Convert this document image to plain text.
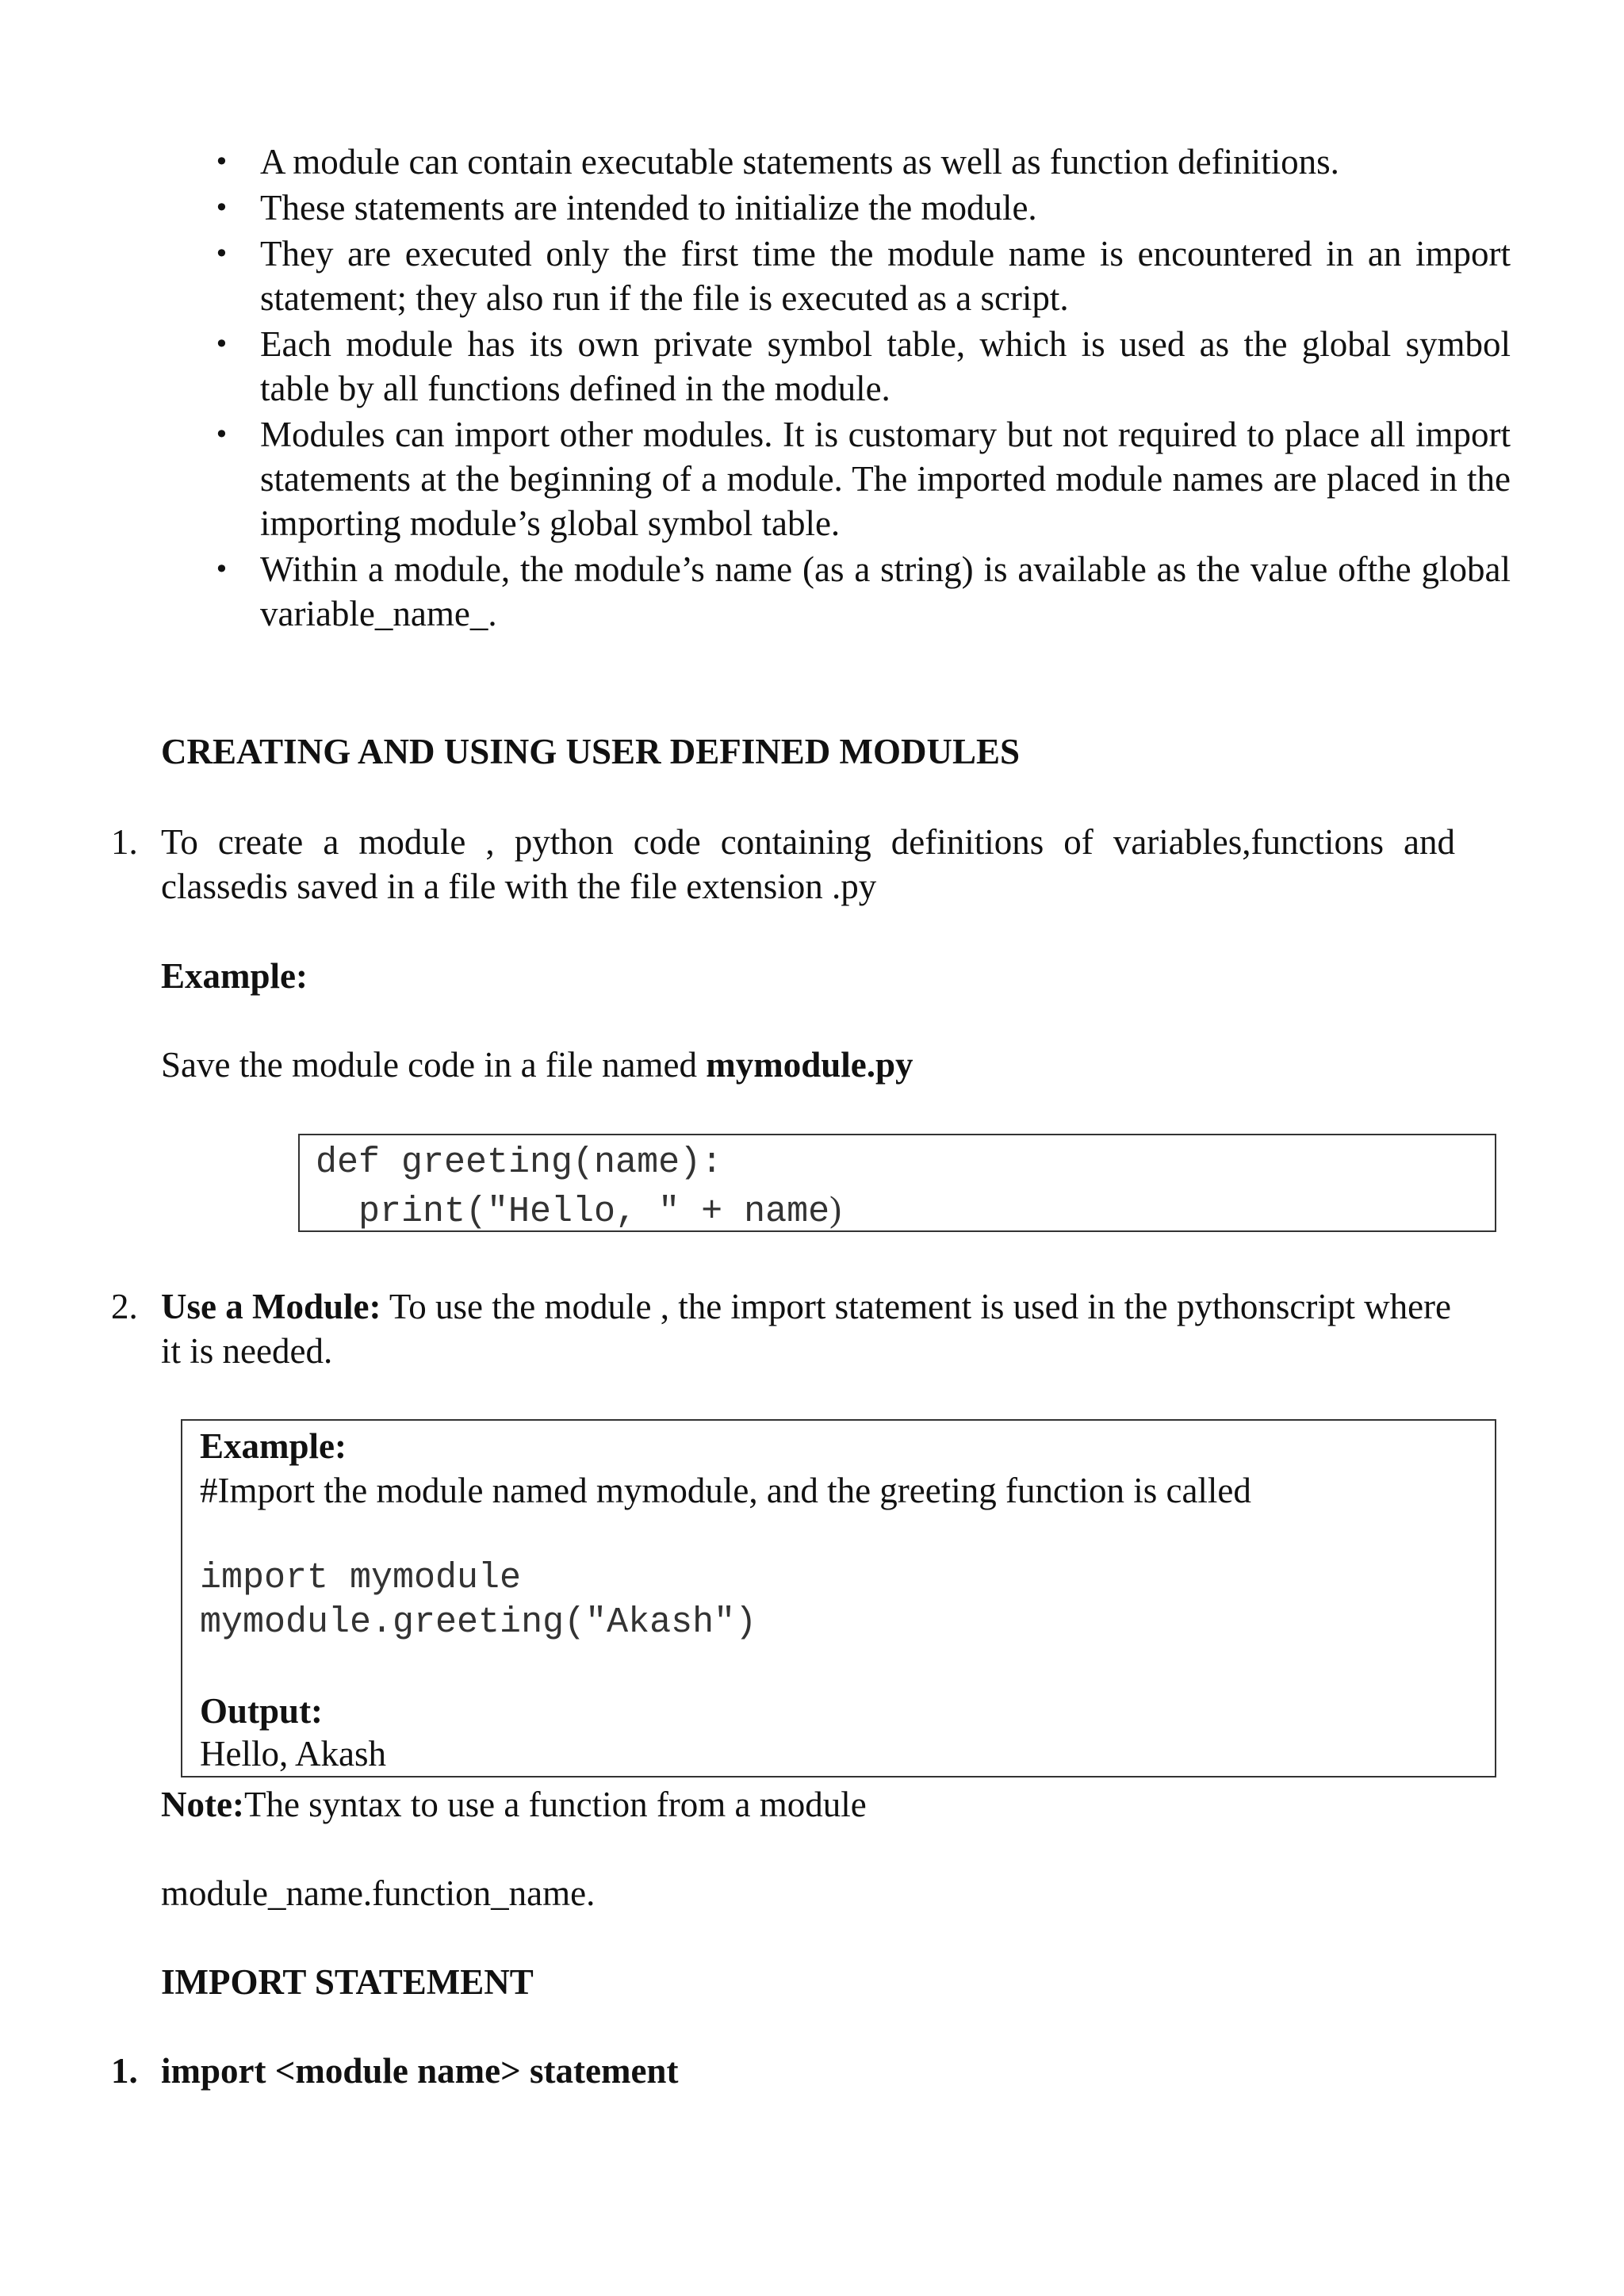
• A module can contain executable statements as well as function definitions.
• These statements are intended to initialize the module.
• They are executed only the first time the module name is encountered in an import statement; they also run if the file is executed as a script.
• Each module has its own private symbol table, which is used as the global symbol table by all functions defined in the module.
• Modules can import other modules. It is customary but not required to place all import statements at the beginning of a module. The imported module names are placed in the importing module’s global symbol table.
• Within a module, the module’s name (as a string) is available as the value ofthe global variable_name_.
CREATING AND USING USER DEFINED MODULES
1. To create a module , python code containing definitions of variables,functions and classedis saved in a file with the file extension .py
Example:
Save the module code in a file named mymodule.py
def greeting(name):
print("Hello, " + name)
2. Use a Module: To use the module , the import statement is used in the pythonscript where it is needed.
Example:
#Import the module named mymodule, and the greeting function is called
import mymodule
mymodule.greeting("Akash")
Output:
Hello, Akash
Note:The syntax to use a function from a module
module_name.function_name.
IMPORT STATEMENT
1. import <module name> statement
